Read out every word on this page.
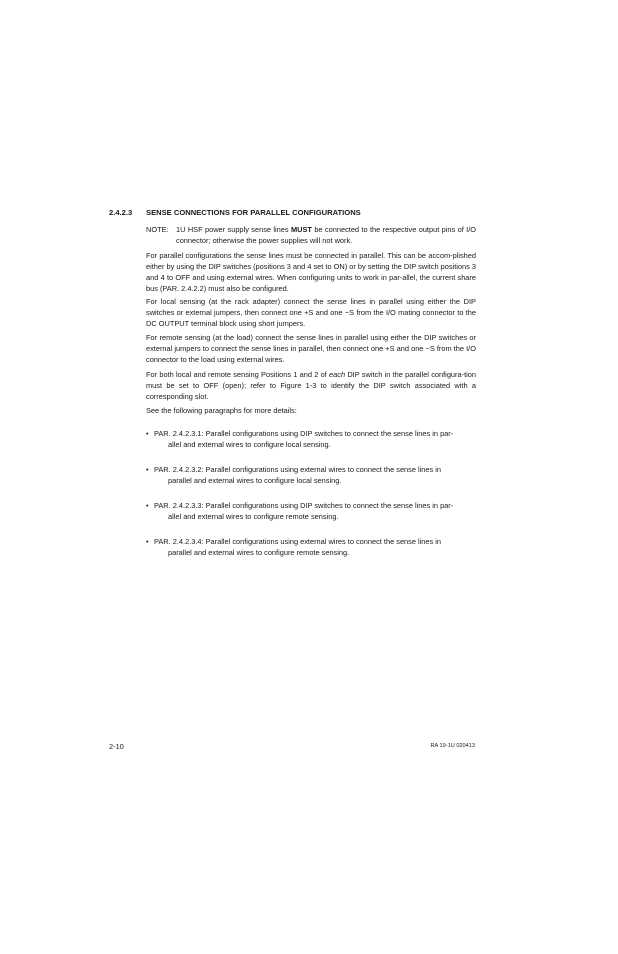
2.4.2.3 SENSE CONNECTIONS FOR PARALLEL CONFIGURATIONS
NOTE: 1U HSF power supply sense lines MUST be connected to the respective output pins of I/O connector; otherwise the power supplies will not work.
For parallel configurations the sense lines must be connected in parallel. This can be accom-plished either by using the DIP switches (positions 3 and 4 set to ON) or by setting the DIP switch positions 3 and 4 to OFF and using external wires. When configuring units to work in par-allel, the current share bus (PAR. 2.4.2.2) must also be configured.
For local sensing (at the rack adapter) connect the sense lines in parallel using either the DIP switches or external jumpers, then connect one +S and one −S from the I/O mating connector to the DC OUTPUT terminal block using short jumpers.
For remote sensing (at the load) connect the sense lines in parallel using either the DIP switches or external jumpers to connect the sense lines in parallel, then connect one +S and one −S from the I/O connector to the load using external wires.
For both local and remote sensing Positions 1 and 2 of each DIP switch in the parallel configura-tion must be set to OFF (open); refer to Figure 1-3 to identify the DIP switch associated with a corresponding slot.
See the following paragraphs for more details:
• PAR. 2.4.2.3.1: Parallel configurations using DIP switches to connect the sense lines in par-
allel and external wires to configure local sensing.
• PAR. 2.4.2.3.2: Parallel configurations using external wires to connect the sense lines in
parallel and external wires to configure local sensing.
• PAR. 2.4.2.3.3: Parallel configurations using DIP switches to connect the sense lines in par-
allel and external wires to configure remote sensing.
• PAR. 2.4.2.3.4: Parallel configurations using external wires to connect the sense lines in
parallel and external wires to configure remote sensing.
2-10	RA 19-1U 020413
